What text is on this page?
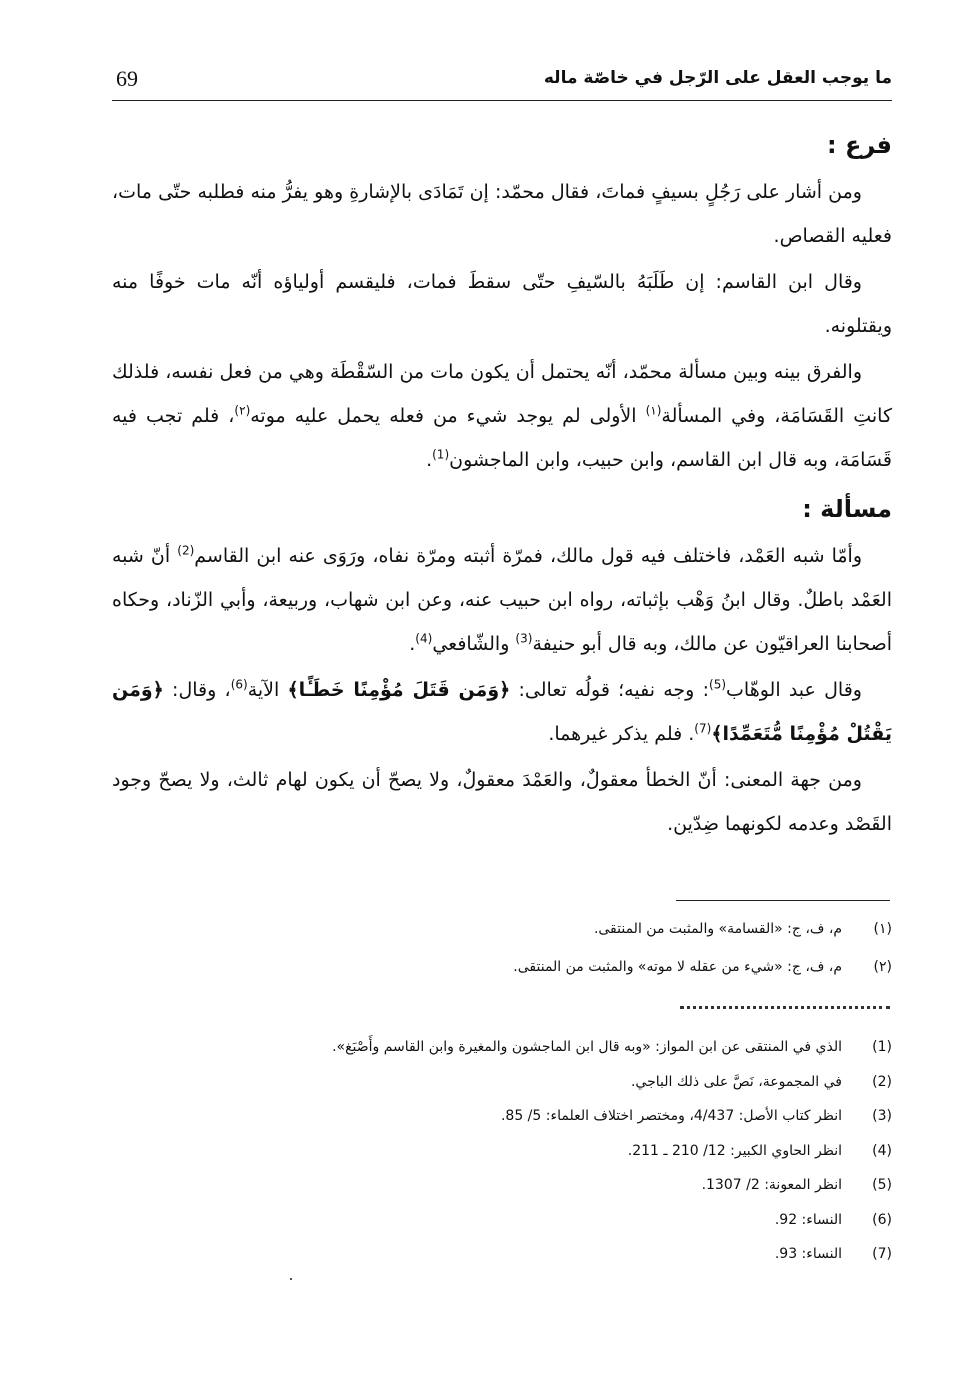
69	ما يوجب العقل على الرّجل في خاصّة ماله
فرع :

ومن أشار على رَجُلٍ بسيفٍ فماتَ، فقال محمّد: إن تَمَادَى بالإشارةِ وهو يفرُّ منه فطلبه حتّى مات، فعليه القصاص.

وقال ابن القاسم: إن طَلَبَهُ بالسّيفِ حتّى سقطَ فمات، فليقسم أولياؤه أنّه مات خوفًا منه ويقتلونه.

والفرق بينه وبين مسألة محمّد، أنّه يحتمل أن يكون مات من السّقْطَة وهي من فعل نفسه، فلذلك كانتِ القَسَامَة، وفي المسألة$^{(١)}$ الأولى لم يوجد شيء من فعله يحمل عليه موته$^{(٢)}$، فلم تجب فيه قَسَامَة، وبه قال ابن القاسم، وابن حبيب، وابن الماجشون$^{(1)}$.

مسألة :

وأمّا شبه العَمْد، فاختلف فيه قول مالك، فمرّة أثبته ومرّة نفاه، ورَوَى عنه ابن القاسم$^{(2)}$ أنّ شبه العَمْد باطلٌ. وقال ابنُ وَهْب بإثباته، رواه ابن حبيب عنه، وعن ابن شهاب، وربيعة، وأبي الزّناد، وحكاه أصحابنا العراقيّون عن مالك، وبه قال أبو حنيفة$^{(3)}$ والشّافعي$^{(4)}$.

وقال عبد الوهّاب$^{(5)}$: وجه نفيه؛ قولُه تعالى: ﴿وَمَن قَتَلَ مُؤْمِنًا خَطَـًٔا﴾ الآية$^{(6)}$، وقال: ﴿وَمَن يَقْتُلْ مُؤْمِنًا مُّتَعَمِّدًا﴾$^{(7)}$. فلم يذكر غيرهما.

ومن جهة المعنى: أنّ الخطأ معقولٌ، والعَمْدَ معقولٌ، ولا يصحّ أن يكون لهام ثالث، ولا يصحّ وجود القَصْد وعدمه لكونهما ضِدّين.

(١)م، ف، ج: «القسامة» والمثبت من المنتقى.
(٢)م، ف، ج: «شيء من عقله لا موته» والمثبت من المنتقى.
(1)الذي في المنتقى عن ابن المواز: «وبه قال ابن الماجشون والمغيرة وابن القاسم وأَصْبَغ».
(2)في المجموعة، نَصَّ على ذلك الباجي.
(3)انظر كتاب الأصل: 4/437، ومختصر اختلاف العلماء: 5/ 85.
(4)انظر الحاوي الكبير: 12/ 210 ـ 211.
(5)انظر المعونة: 2/ 1307.
(6)النساء: 92.
(7)النساء: 93.
